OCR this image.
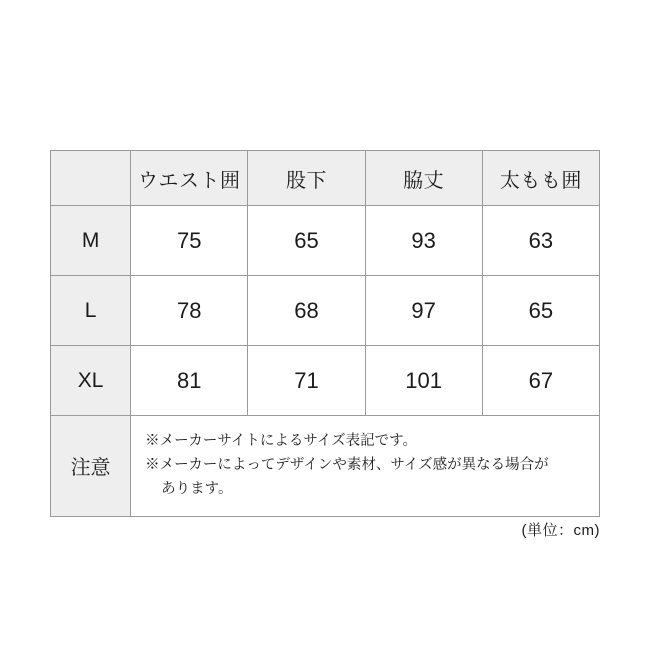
	ウエスト囲	股下	脇丈	太もも囲
M	75	65	93	63
L	78	68	97	65
XL	81	71	101	67
注意	※メーカーサイトによるサイズ表記です。
※メーカーによってデザインや素材、サイズ感が異なる場合が
あります。			
(単位：cm)
